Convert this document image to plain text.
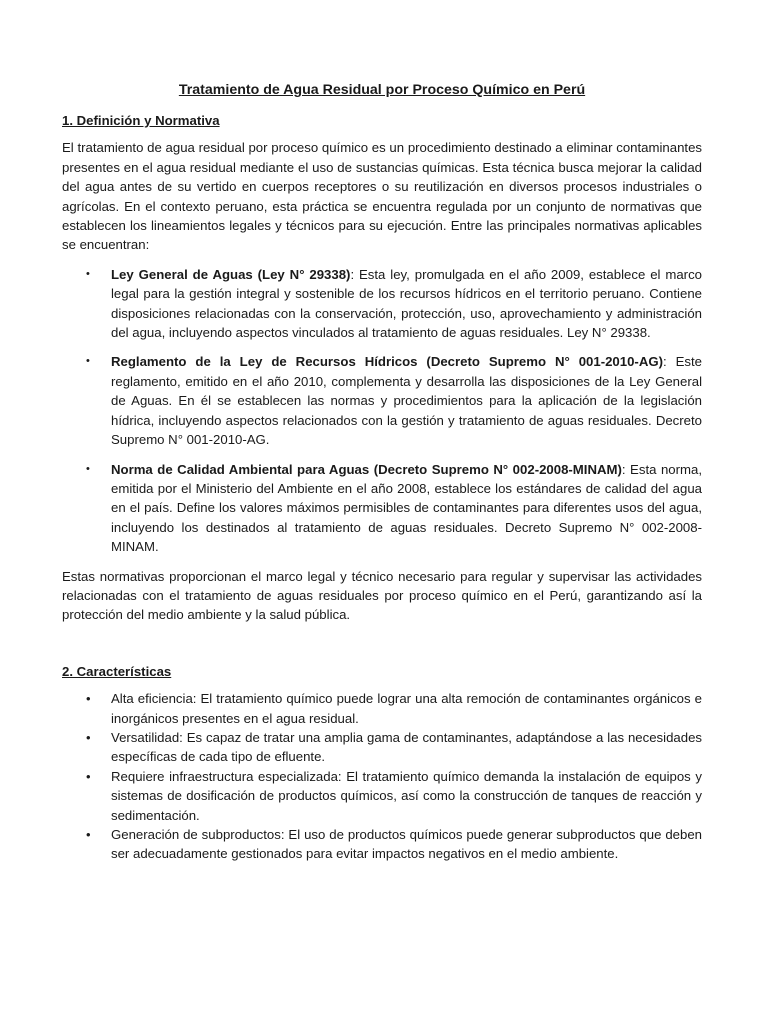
Tratamiento de Agua Residual por Proceso Químico en Perú
1. Definición y Normativa

El tratamiento de agua residual por proceso químico es un procedimiento destinado a eliminar contaminantes presentes en el agua residual mediante el uso de sustancias químicas. Esta técnica busca mejorar la calidad del agua antes de su vertido en cuerpos receptores o su reutilización en diversos procesos industriales o agrícolas. En el contexto peruano, esta práctica se encuentra regulada por un conjunto de normativas que establecen los lineamientos legales y técnicos para su ejecución. Entre las principales normativas aplicables se encuentran:

• Ley General de Aguas (Ley N° 29338): Esta ley, promulgada en el año 2009, establece el marco legal para la gestión integral y sostenible de los recursos hídricos en el territorio peruano. Contiene disposiciones relacionadas con la conservación, protección, uso, aprovechamiento y administración del agua, incluyendo aspectos vinculados al tratamiento de aguas residuales. Ley N° 29338.
• Reglamento de la Ley de Recursos Hídricos (Decreto Supremo N° 001-2010-AG): Este reglamento, emitido en el año 2010, complementa y desarrolla las disposiciones de la Ley General de Aguas. En él se establecen las normas y procedimientos para la aplicación de la legislación hídrica, incluyendo aspectos relacionados con la gestión y tratamiento de aguas residuales. Decreto Supremo N° 001-2010-AG.
• Norma de Calidad Ambiental para Aguas (Decreto Supremo N° 002-2008-MINAM): Esta norma, emitida por el Ministerio del Ambiente en el año 2008, establece los estándares de calidad del agua en el país. Define los valores máximos permisibles de contaminantes para diferentes usos del agua, incluyendo los destinados al tratamiento de aguas residuales. Decreto Supremo N° 002-2008-MINAM.

Estas normativas proporcionan el marco legal y técnico necesario para regular y supervisar las actividades relacionadas con el tratamiento de aguas residuales por proceso químico en el Perú, garantizando así la protección del medio ambiente y la salud pública.

2. Características
• Alta eficiencia: El tratamiento químico puede lograr una alta remoción de contaminantes orgánicos e inorgánicos presentes en el agua residual.
• Versatilidad: Es capaz de tratar una amplia gama de contaminantes, adaptándose a las necesidades específicas de cada tipo de efluente.
• Requiere infraestructura especializada: El tratamiento químico demanda la instalación de equipos y sistemas de dosificación de productos químicos, así como la construcción de tanques de reacción y sedimentación.
• Generación de subproductos: El uso de productos químicos puede generar subproductos que deben ser adecuadamente gestionados para evitar impactos negativos en el medio ambiente.
